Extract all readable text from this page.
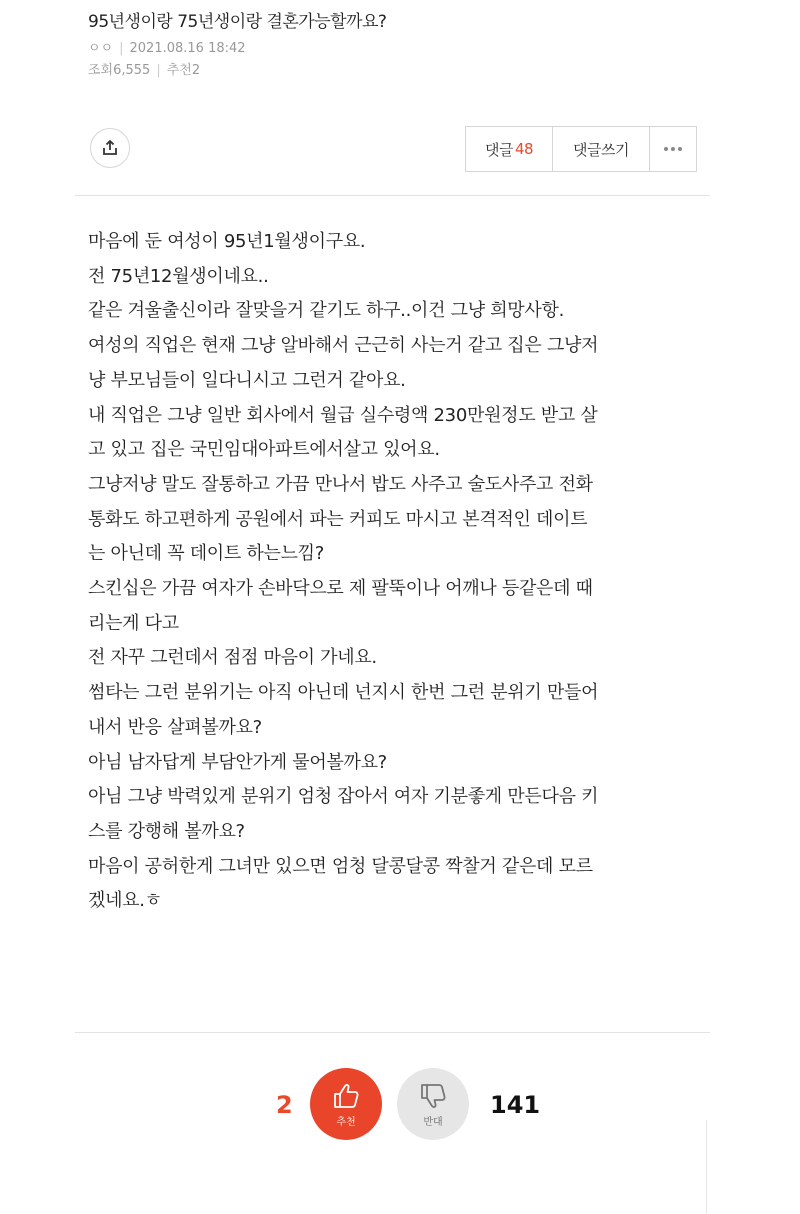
95년생이랑 75년생이랑 결혼가능할까요?
ㅇㅇ | 2021.08.16 18:42
조회6,555 | 추천2
댓글 48	댓글쓰기

마음에 둔 여성이 95년1월생이구요.

전 75년12월생이네요..

같은 겨울출신이라 잘맞을거 같기도 하구..이건 그냥 희망사항.

여성의 직업은 현재 그냥 알바해서 근근히 사는거 같고 집은 그냥저

냥 부모님들이 일다니시고 그런거 같아요.

내 직업은 그냥 일반 회사에서 월급 실수령액 230만원정도 받고 살

고 있고 집은 국민임대아파트에서살고 있어요.

그냥저냥 말도 잘통하고 가끔 만나서 밥도 사주고 술도사주고 전화

통화도 하고편하게 공원에서 파는 커피도 마시고 본격적인 데이트

는 아닌데 꼭 데이트 하는느낌?

스킨십은 가끔 여자가 손바닥으로 제 팔뚝이나 어깨나 등같은데 때

리는게 다고

전 자꾸 그런데서 점점 마음이 가네요.

썸타는 그런 분위기는 아직 아닌데 넌지시 한번 그런 분위기 만들어

내서 반응 살펴볼까요?

아님 남자답게 부담안가게 물어볼까요?

아님 그냥 박력있게 분위기 엄청 잡아서 여자 기분좋게 만든다음 키

스를 강행해 볼까요?

마음이 공허한게 그녀만 있으면 엄청 달콩달콩 짝찰거 같은데 모르

겠네요.ㅎ

2
추천	반대
141
